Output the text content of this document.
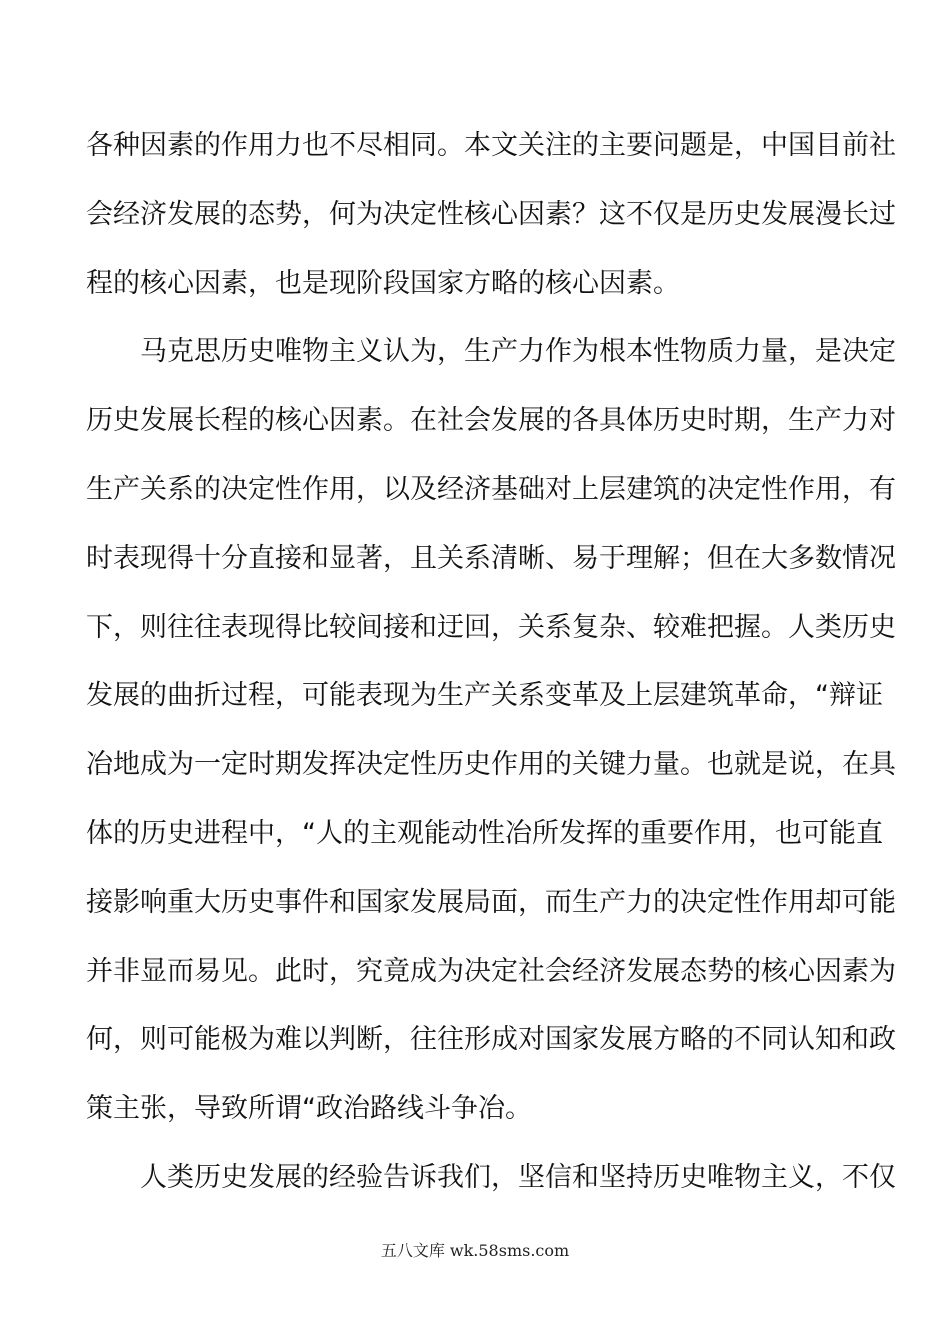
各种因素的作用力也不尽相同。本文关注的主要问题是，中国目前社
会经济发展的态势，何为决定性核心因素？这不仅是历史发展漫长过
程的核心因素，也是现阶段国家方略的核心因素。
马克思历史唯物主义认为，生产力作为根本性物质力量，是决定
历史发展长程的核心因素。在社会发展的各具体历史时期，生产力对
生产关系的决定性作用，以及经济基础对上层建筑的决定性作用，有
时表现得十分直接和显著，且关系清晰、易于理解；但在大多数情况
下，则往往表现得比较间接和迂回，关系复杂、较难把握。人类历史
发展的曲折过程，可能表现为生产关系变革及上层建筑革命，“辩证
冶地成为一定时期发挥决定性历史作用的关键力量。也就是说，在具
体的历史进程中，“人的主观能动性冶所发挥的重要作用，也可能直
接影响重大历史事件和国家发展局面，而生产力的决定性作用却可能
并非显而易见。此时，究竟成为决定社会经济发展态势的核心因素为
何，则可能极为难以判断，往往形成对国家发展方略的不同认知和政
策主张，导致所谓“政治路线斗争冶。
人类历史发展的经验告诉我们，坚信和坚持历史唯物主义，不仅
五八文库 wk.58sms.com
